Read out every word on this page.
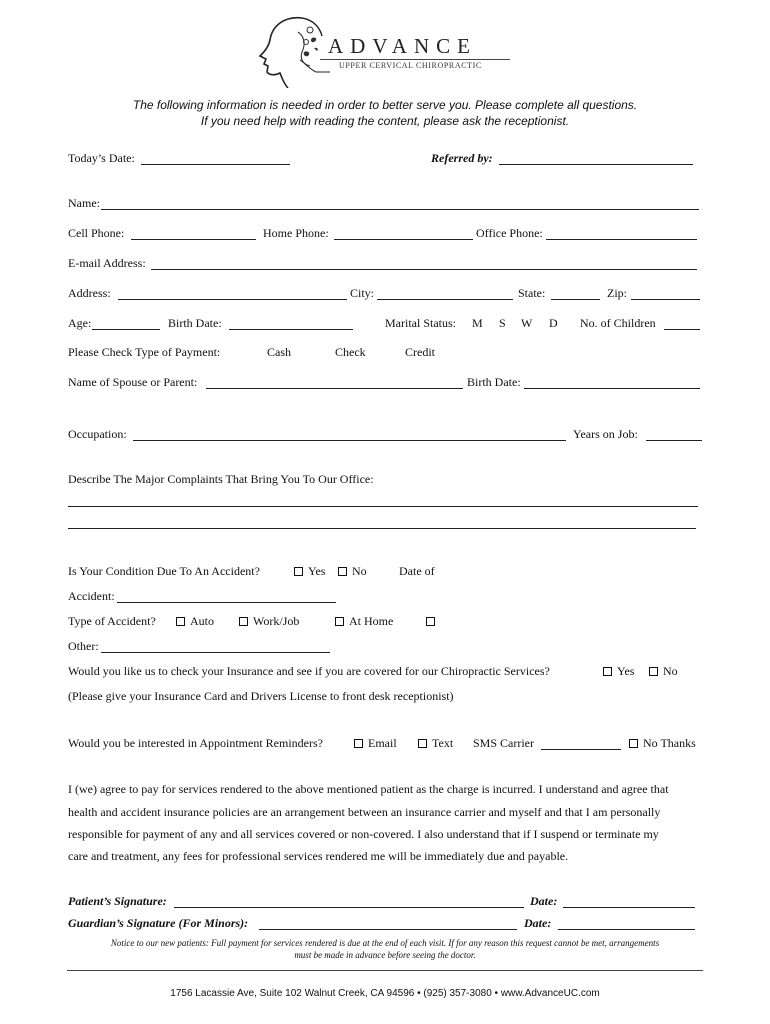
ADVANCE
UPPER CERVICAL CHIROPRACTIC
The following information is needed in order to better serve you. Please complete all questions.
If you need help with reading the content, please ask the receptionist.
Today’s Date:	Referred by:
Name:
Cell Phone:	Home Phone:	Office Phone:
E-mail Address:
Address:	City:	State:	Zip:
Age:	Birth Date:	Marital Status: M S W D No. of Children
Please Check Type of Payment:	Cash	Check	Credit
Name of Spouse or Parent:	Birth Date:
Occupation:	Years on Job:
Describe The Major Complaints That Bring You To Our Office:
Is Your Condition Due To An Accident?	Yes	No	Date of
Accident:
Type of Accident?	Auto	Work/Job	At Home
Other:
Would you like us to check your Insurance and see if you are covered for our Chiropractic Services?	Yes	No
(Please give your Insurance Card and Drivers License to front desk receptionist)
Would you be interested in Appointment Reminders?	Email	Text SMS Carrier	No Thanks
I (we) agree to pay for services rendered to the above mentioned patient as the charge is incurred. I understand and agree that
health and accident insurance policies are an arrangement between an insurance carrier and myself and that I am personally
responsible for payment of any and all services covered or non-covered. I also understand that if I suspend or terminate my
care and treatment, any fees for professional services rendered me will be immediately due and payable.
Patient’s Signature:	Date:
Guardian’s Signature (For Minors):	Date:
Notice to our new patients: Full payment for services rendered is due at the end of each visit. If for any reason this request cannot be met, arrangements
must be made in advance before seeing the doctor.
1756 Lacassie Ave, Suite 102 Walnut Creek, CA 94596 • (925) 357-3080 • www.AdvanceUC.com
